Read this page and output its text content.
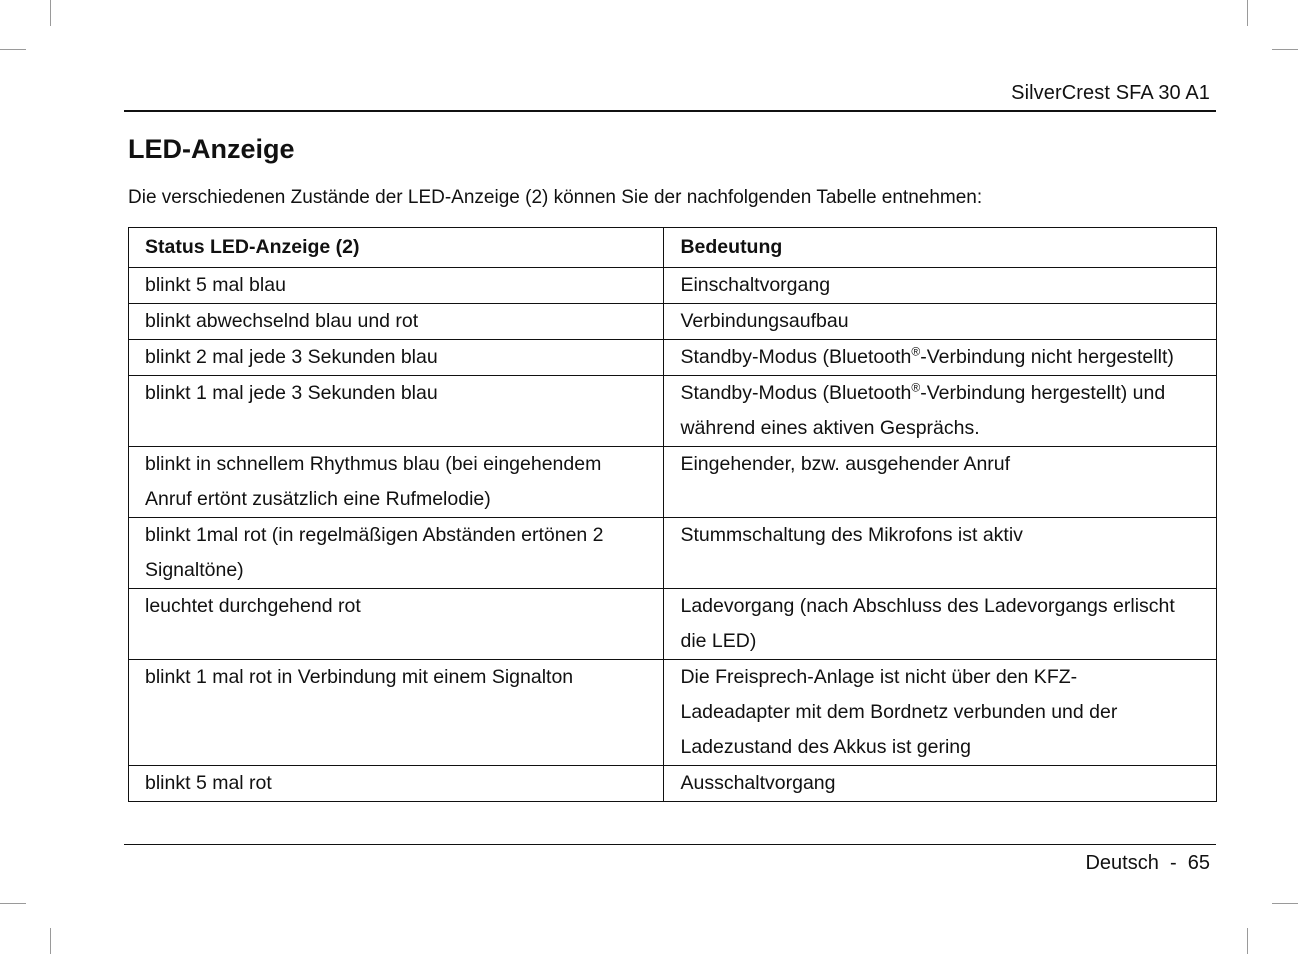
SilverCrest SFA 30 A1
LED-Anzeige
Die verschiedenen Zustände der LED-Anzeige (2) können Sie der nachfolgenden Tabelle entnehmen:
Status LED-Anzeige (2)	Bedeutung
blinkt 5 mal blau	Einschaltvorgang
blinkt abwechselnd blau und rot	Verbindungsaufbau
blinkt 2 mal jede 3 Sekunden blau	Standby-Modus (Bluetooth®-Verbindung nicht hergestellt)
blinkt 1 mal jede 3 Sekunden blau	Standby-Modus (Bluetooth®-Verbindung hergestellt) und
während eines aktiven Gesprächs.
blinkt in schnellem Rhythmus blau (bei eingehendem
Anruf ertönt zusätzlich eine Rufmelodie)	Eingehender, bzw. ausgehender Anruf
blinkt 1mal rot (in regelmäßigen Abständen ertönen 2
Signaltöne)	Stummschaltung des Mikrofons ist aktiv
leuchtet durchgehend rot	Ladevorgang (nach Abschluss des Ladevorgangs erlischt
die LED)
blinkt 1 mal rot in Verbindung mit einem Signalton	Die Freisprech-Anlage ist nicht über den KFZ-
Ladeadapter mit dem Bordnetz verbunden und der
Ladezustand des Akkus ist gering
blinkt 5 mal rot	Ausschaltvorgang
Deutsch - 65
